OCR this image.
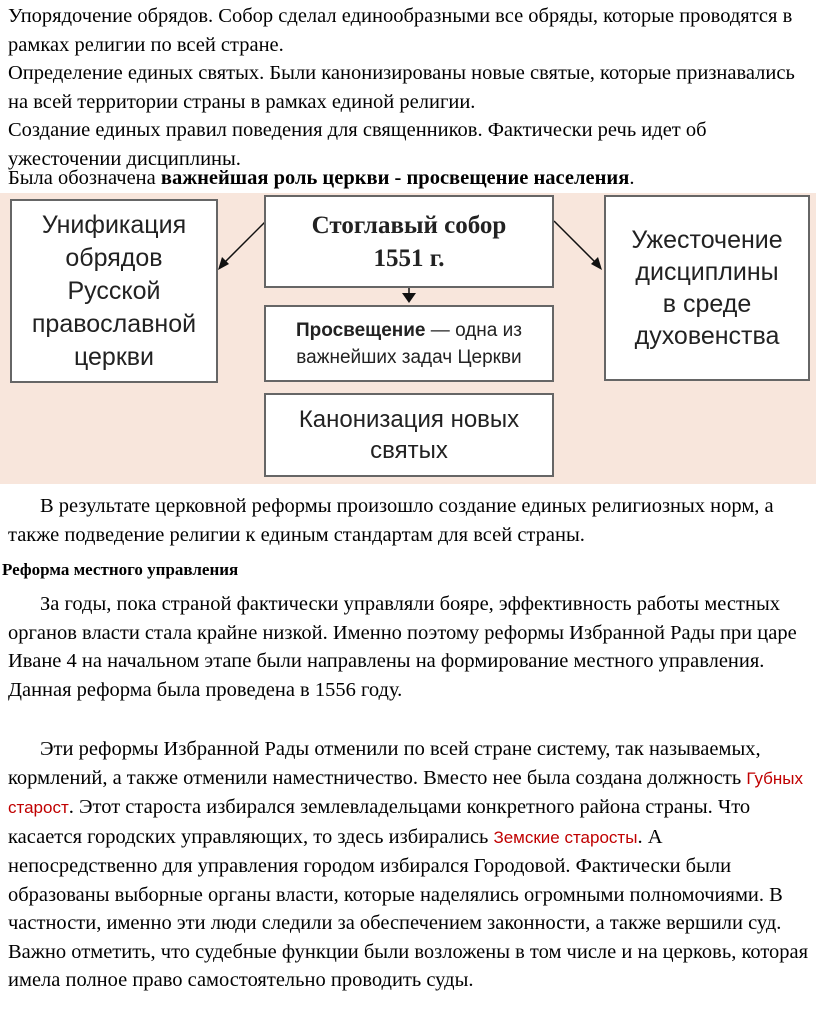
Упорядочение обрядов. Собор сделал единообразными все обряды, которые проводятся в рамках религии по всей стране.
Определение единых святых. Были канонизированы новые святые, которые признавались на всей территории страны в рамках единой религии.
Создание единых правил поведения для священников. Фактически речь идет об ужесточении дисциплины.
Была обозначена важнейшая роль церкви - просвещение населения.
Унификация
обрядов
Русской
православной
церкви
Стоглавый собор
1551 г.
Ужесточение
дисциплины
в среде
духовенства
Просвещение — одна из
важнейших задач Церкви
Канонизация новых
святых
В результате церковной реформы произошло создание единых религиозных норм, а также подведение религии к единым стандартам для всей страны.
Реформа местного управления
За годы, пока страной фактически управляли бояре, эффективность работы местных органов власти стала крайне низкой. Именно поэтому реформы Избранной Рады при царе Иване 4 на начальном этапе были направлены на формирование местного управления. Данная реформа была проведена в 1556 году.
Эти реформы Избранной Рады отменили по всей стране систему, так называемых, кормлений, а также отменили наместничество. Вместо нее была создана должность Губных старост. Этот староста избирался землевладельцами конкретного района страны. Что касается городских управляющих, то здесь избирались Земские старосты. А непосредственно для управления городом избирался Городовой. Фактически были образованы выборные органы власти, которые наделялись огромными полномочиями. В частности, именно эти люди следили за обеспечением законности, а также вершили суд. Важно отметить, что судебные функции были возложены в том числе и на церковь, которая имела полное право самостоятельно проводить суды.
